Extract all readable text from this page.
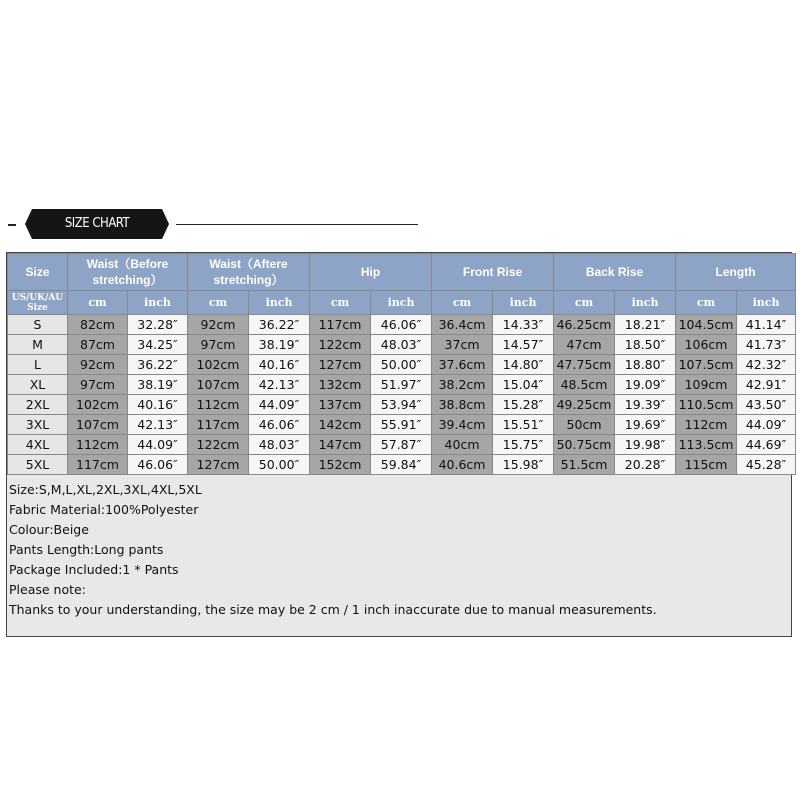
SIZE CHART
Size	Waist（Before stretching）		Waist（Aftere stretching）		Hip		Front Rise		Back Rise		Length	
US/UK/AU Size	cm	inch	cm	inch	cm	inch	cm	inch	cm	inch	cm	inch
S	82cm	32.28″	92cm	36.22″	117cm	46.06″	36.4cm	14.33″	46.25cm	18.21″	104.5cm	41.14″
M	87cm	34.25″	97cm	38.19″	122cm	48.03″	37cm	14.57″	47cm	18.50″	106cm	41.73″
L	92cm	36.22″	102cm	40.16″	127cm	50.00″	37.6cm	14.80″	47.75cm	18.80″	107.5cm	42.32″
XL	97cm	38.19″	107cm	42.13″	132cm	51.97″	38.2cm	15.04″	48.5cm	19.09″	109cm	42.91″
2XL	102cm	40.16″	112cm	44.09″	137cm	53.94″	38.8cm	15.28″	49.25cm	19.39″	110.5cm	43.50″
3XL	107cm	42.13″	117cm	46.06″	142cm	55.91″	39.4cm	15.51″	50cm	19.69″	112cm	44.09″
4XL	112cm	44.09″	122cm	48.03″	147cm	57.87″	40cm	15.75″	50.75cm	19.98″	113.5cm	44.69″
5XL	117cm	46.06″	127cm	50.00″	152cm	59.84″	40.6cm	15.98″	51.5cm	20.28″	115cm	45.28″
Size:S,M,L,XL,2XL,3XL,4XL,5XL
Fabric Material:100%Polyester
Colour:Beige
Pants Length:Long pants
Package Included:1 * Pants
Please note:
Thanks to your understanding, the size may be 2 cm / 1 inch inaccurate due to manual measurements.
